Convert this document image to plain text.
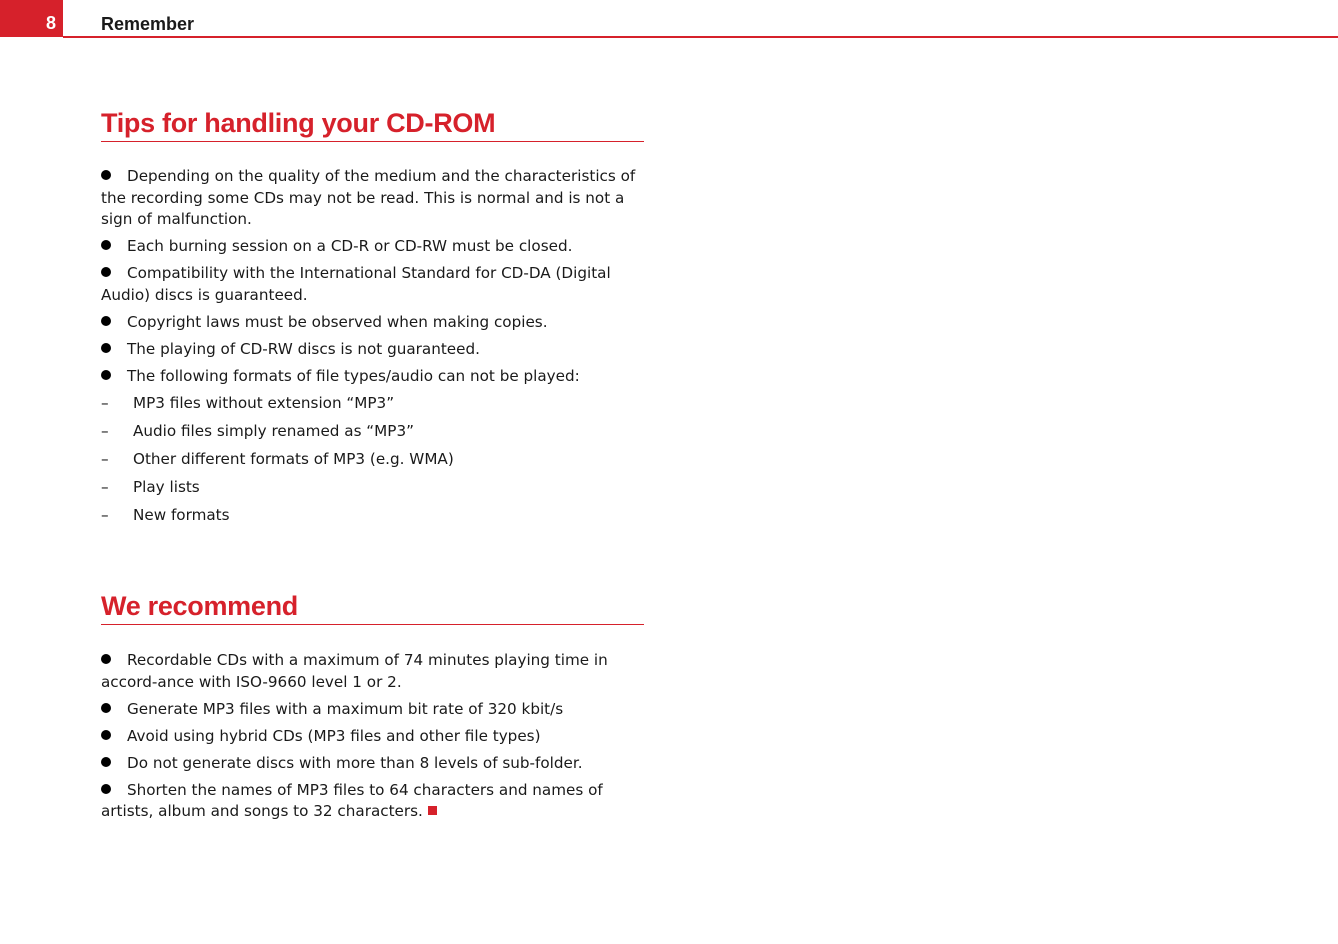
8	Remember
Tips for handling your CD-ROM
Depending on the quality of the medium and the characteristics of the recording some CDs may not be read. This is normal and is not a sign of malfunction.
Each burning session on a CD-R or CD-RW must be closed.
Compatibility with the International Standard for CD-DA (Digital Audio) discs is guaranteed.
Copyright laws must be observed when making copies.
The playing of CD-RW discs is not guaranteed.
The following formats of file types/audio can not be played:
– MP3 files without extension “MP3”
– Audio files simply renamed as “MP3”
– Other different formats of MP3 (e.g. WMA)
– Play lists
– New formats
We recommend
Recordable CDs with a maximum of 74 minutes playing time in accord-ance with ISO-9660 level 1 or 2.
Generate MP3 files with a maximum bit rate of 320 kbit/s
Avoid using hybrid CDs (MP3 files and other file types)
Do not generate discs with more than 8 levels of sub-folder.
Shorten the names of MP3 files to 64 characters and names of artists, album and songs to 32 characters.
